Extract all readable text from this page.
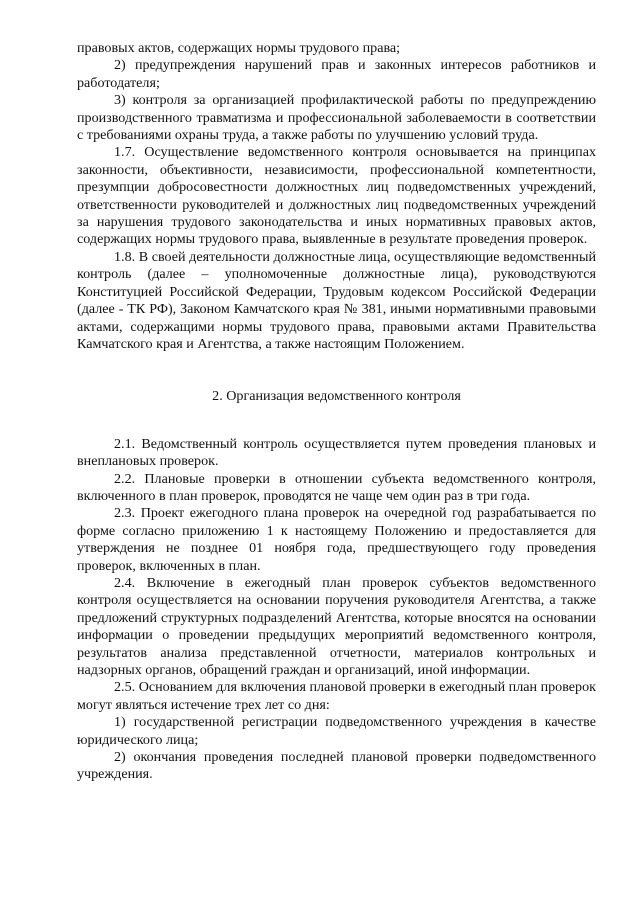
правовых актов, содержащих нормы трудового права;

2) предупреждения нарушений прав и законных интересов работников и работодателя;

3) контроля за организацией профилактической работы по предупреждению производственного травматизма и профессиональной заболеваемости в соответствии с требованиями охраны труда, а также работы по улучшению условий труда.

1.7. Осуществление ведомственного контроля основывается на принципах законности, объективности, независимости, профессиональной компетентности, презумпции добросовестности должностных лиц подведомственных учреждений, ответственности руководителей и должностных лиц подведомственных учреждений за нарушения трудового законодательства и иных нормативных правовых актов, содержащих нормы трудового права, выявленные в результате проведения проверок.

1.8. В своей деятельности должностные лица, осуществляющие ведомственный контроль (далее – уполномоченные должностные лица), руководствуются Конституцией Российской Федерации, Трудовым кодексом Российской Федерации (далее - ТК РФ), Законом Камчатского края № 381, иными нормативными правовыми актами, содержащими нормы трудового права, правовыми актами Правительства Камчатского края и Агентства, а также настоящим Положением.

2. Организация ведомственного контроля

2.1. Ведомственный контроль осуществляется путем проведения плановых и внеплановых проверок.

2.2. Плановые проверки в отношении субъекта ведомственного контроля, включенного в план проверок, проводятся не чаще чем один раз в три года.

2.3. Проект ежегодного плана проверок на очередной год разрабатывается по форме согласно приложению 1 к настоящему Положению и предоставляется для утверждения не позднее 01 ноября года, предшествующего году проведения проверок, включенных в план.

2.4. Включение в ежегодный план проверок субъектов ведомственного контроля осуществляется на основании поручения руководителя Агентства, а также предложений структурных подразделений Агентства, которые вносятся на основании информации о проведении предыдущих мероприятий ведомственного контроля, результатов анализа представленной отчетности, материалов контрольных и надзорных органов, обращений граждан и организаций, иной информации.

2.5. Основанием для включения плановой проверки в ежегодный план проверок могут являться истечение трех лет со дня:

1) государственной регистрации подведомственного учреждения в качестве юридического лица;

2) окончания проведения последней плановой проверки подведомственного учреждения.
